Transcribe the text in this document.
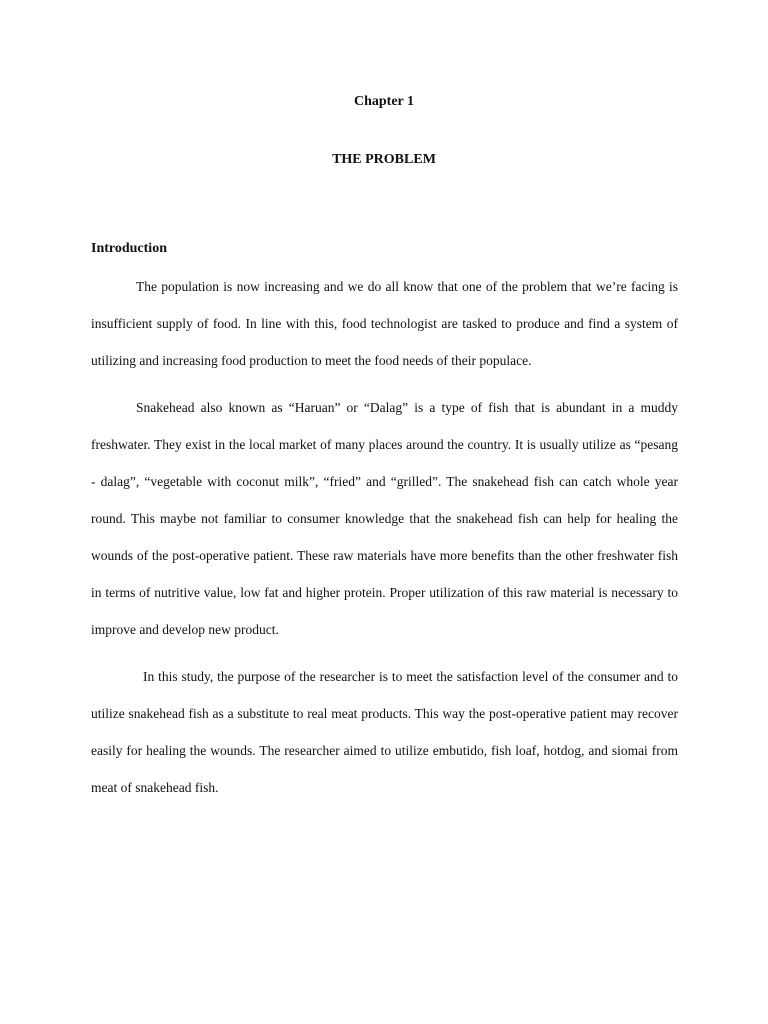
Chapter 1
THE PROBLEM
Introduction

The population is now increasing and we do all know that one of the problem that we’re facing is insufficient supply of food. In line with this, food technologist are tasked to produce and find a system of utilizing and increasing food production to meet the food needs of their populace.

Snakehead also known as “Haruan” or “Dalag” is a type of fish that is abundant in a muddy freshwater. They exist in the local market of many places around the country. It is usually utilize as “pesang - dalag”, “vegetable with coconut milk”, “fried” and “grilled”. The snakehead fish can catch whole year round. This maybe not familiar to consumer knowledge that the snakehead fish can help for healing the wounds of the post-operative patient. These raw materials have more benefits than the other freshwater fish in terms of nutritive value, low fat and higher protein. Proper utilization of this raw material is necessary to improve and develop new product.

In this study, the purpose of the researcher is to meet the satisfaction level of the consumer and to utilize snakehead fish as a substitute to real meat products. This way the post-operative patient may recover easily for healing the wounds. The researcher aimed to utilize embutido, fish loaf, hotdog, and siomai from meat of snakehead fish.
